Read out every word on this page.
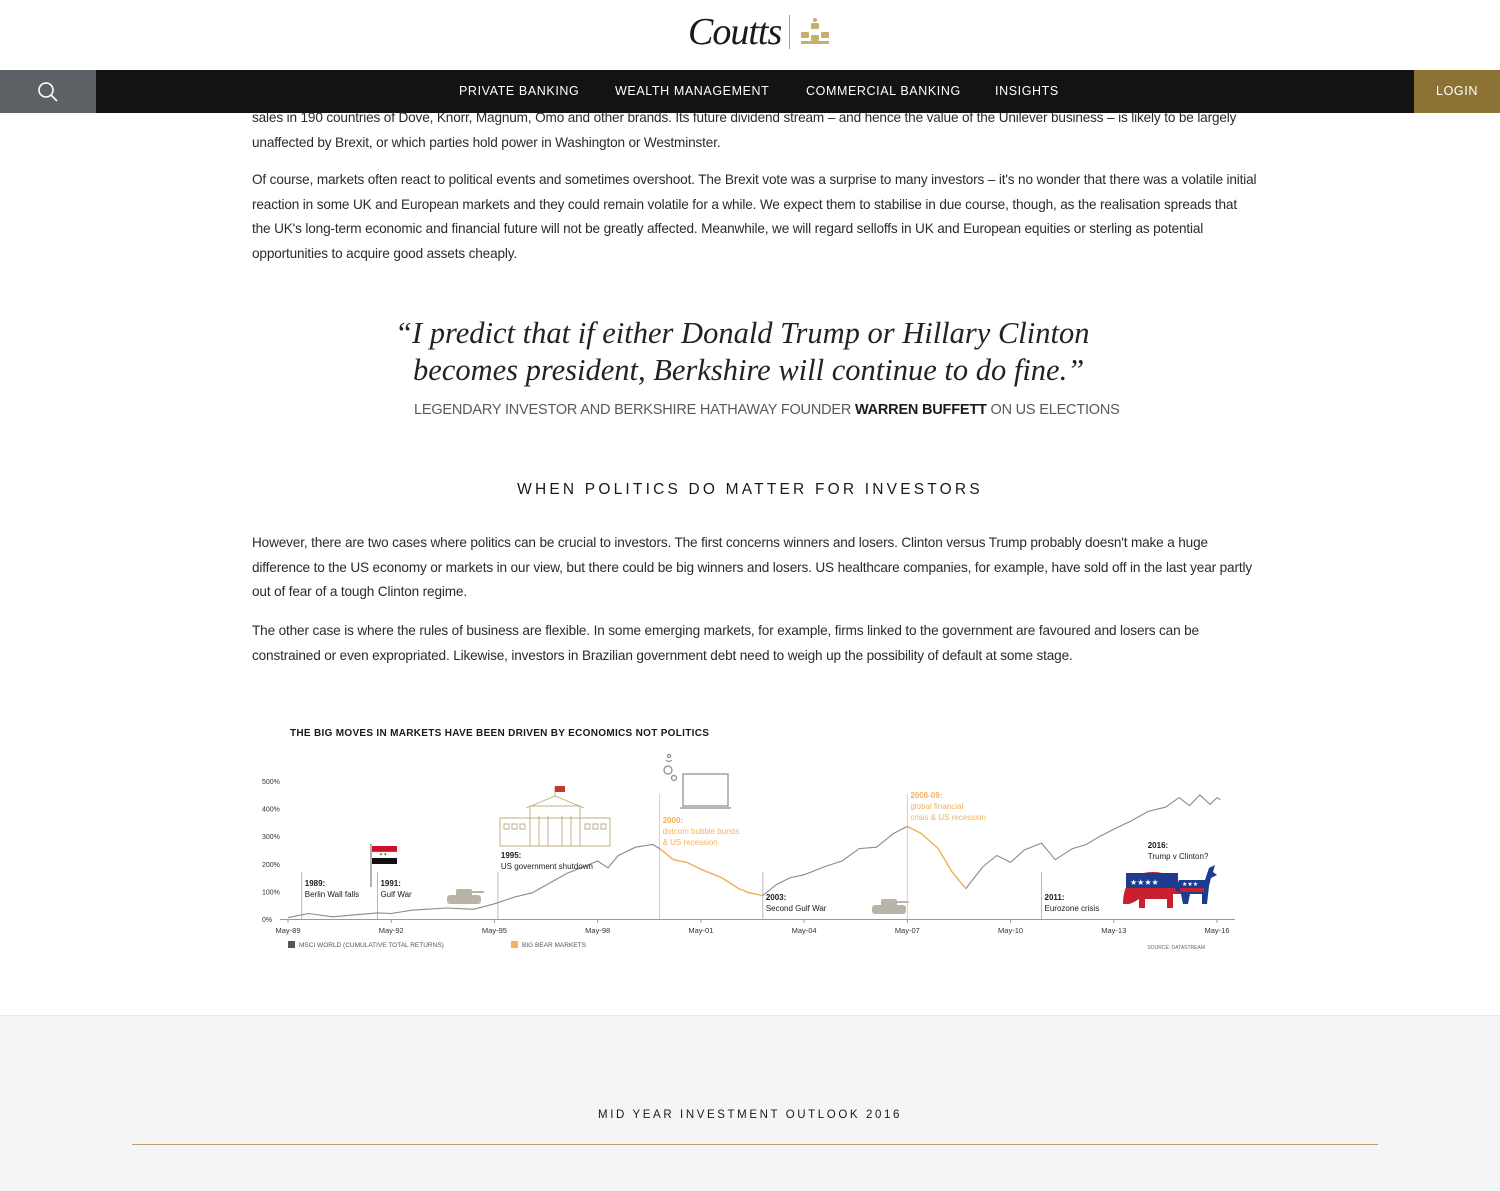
Coutts
PRIVATE BANKING	WEALTH MANAGEMENT	COMMERCIAL BANKING	INSIGHTS	LOGIN

sales in 190 countries of Dove, Knorr, Magnum, Omo and other brands. Its future dividend stream – and hence the value of the Unilever business – is likely to be largely unaffected by Brexit, or which parties hold power in Washington or Westminster.

Of course, markets often react to political events and sometimes overshoot. The Brexit vote was a surprise to many investors – it's no wonder that there was a volatile initial reaction in some UK and European markets and they could remain volatile for a while. We expect them to stabilise in due course, though, as the realisation spreads that the UK's long-term economic and financial future will not be greatly affected. Meanwhile, we will regard selloffs in UK and European equities or sterling as potential opportunities to acquire good assets cheaply.

“I predict that if either Donald Trump or Hillary Clinton
becomes president, Berkshire will continue to do fine.”
LEGENDARY INVESTOR AND BERKSHIRE HATHAWAY FOUNDER WARREN BUFFETT ON US ELECTIONS
WHEN POLITICS DO MATTER FOR INVESTORS

However, there are two cases where politics can be crucial to investors. The first concerns winners and losers. Clinton versus Trump probably doesn't make a huge difference to the US economy or markets in our view, but there could be big winners and losers. US healthcare companies, for example, have sold off in the last year partly out of fear of a tough Clinton regime.

The other case is where the rules of business are flexible. In some emerging markets, for example, firms linked to the government are favoured and losers can be constrained or even expropriated. Likewise, investors in Brazilian government debt need to weigh up the possibility of default at some stage.

✦✦
★★★★	★★★
THE BIG MOVES IN MARKETS HAVE BEEN DRIVEN BY ECONOMICS NOT POLITICS
500%
400%
300%
200%
100%
0%
May-89	May-92	May-95	May-98	May-01	May-04	May-07	May-10	May-13	May-16
1989:
Berlin Wall falls
1991:
Gulf War
1995:
US government shutdown
2000:
dotcom bubble bursts
& US recession
2003:
Second Gulf War
2008-09:
global financial
crisis & US recession
2011:
Eurozone crisis
2016:
Trump v Clinton?
MSCI WORLD (CUMULATIVE TOTAL RETURNS)	BIG BEAR MARKETS	SOURCE: DATASTREAM
MID YEAR INVESTMENT OUTLOOK 2016
